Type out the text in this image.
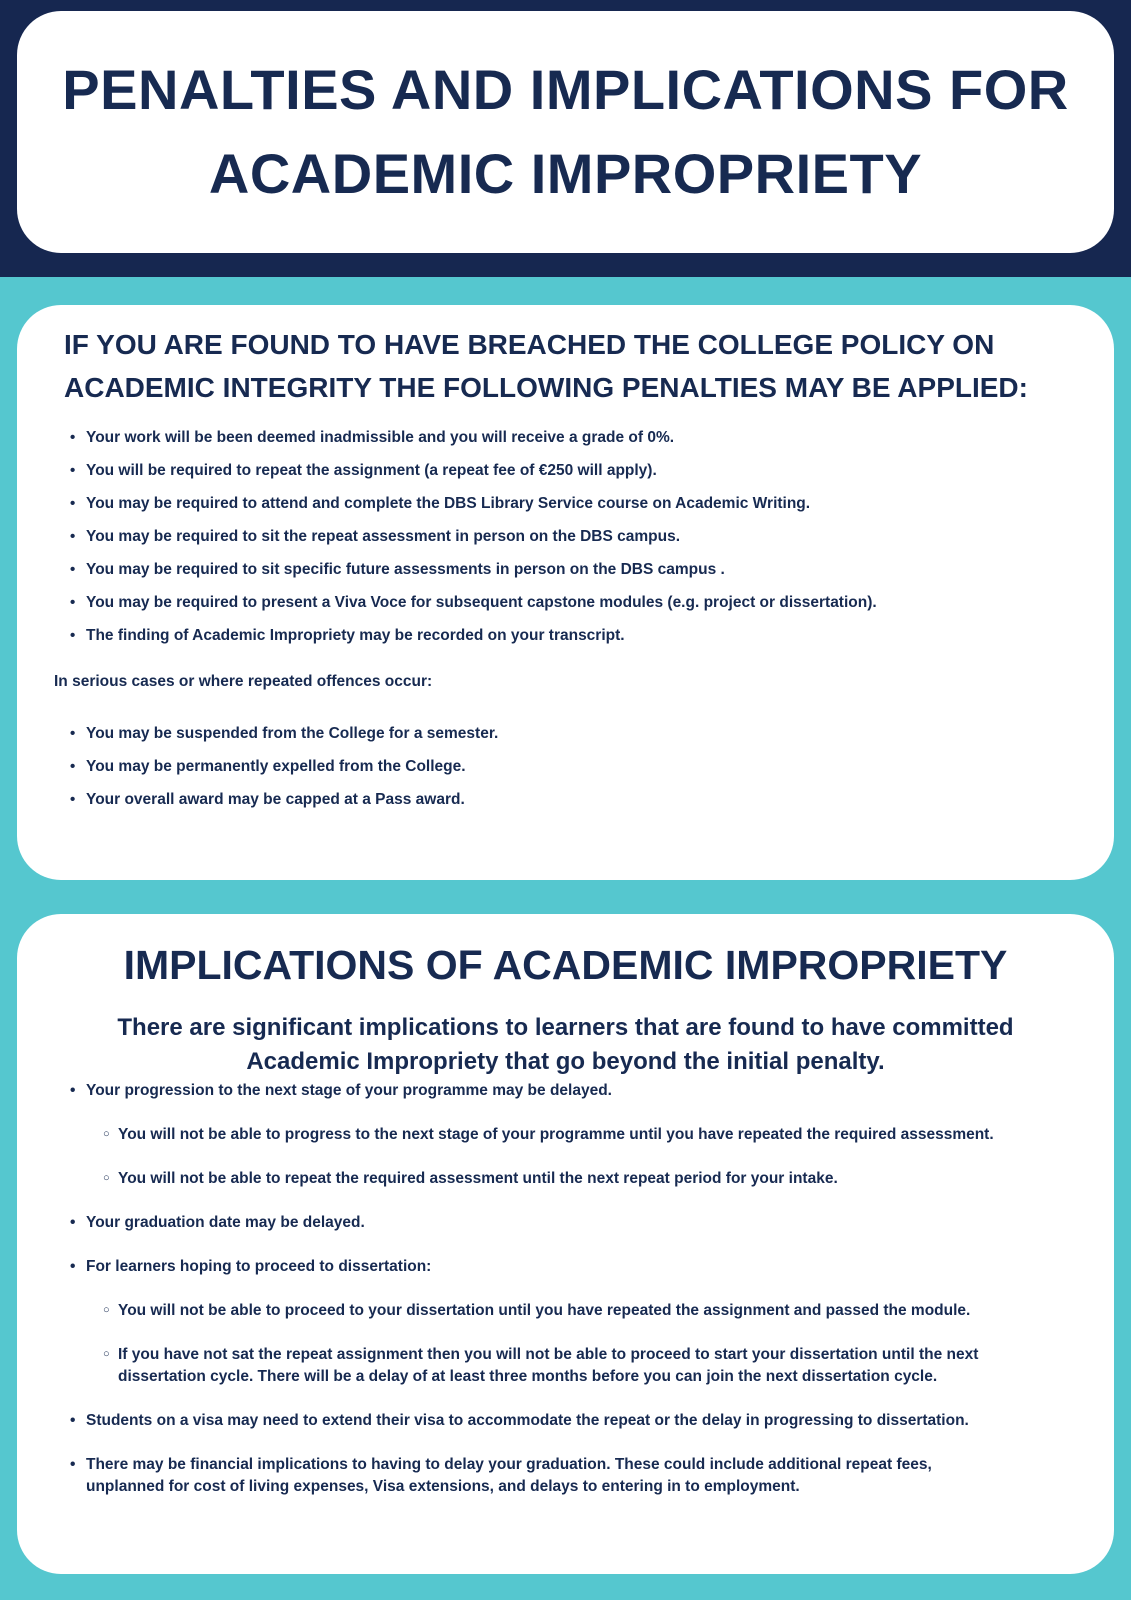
PENALTIES AND IMPLICATIONS FOR
ACADEMIC IMPROPRIETY
IF YOU ARE FOUND TO HAVE BREACHED THE COLLEGE POLICY ON
ACADEMIC INTEGRITY THE FOLLOWING PENALTIES MAY BE APPLIED:
• Your work will be been deemed inadmissible and you will receive a grade of 0%.
• You will be required to repeat the assignment (a repeat fee of €250 will apply).
• You may be required to attend and complete the DBS Library Service course on Academic Writing.
• You may be required to sit the repeat assessment in person on the DBS campus.
• You may be required to sit specific future assessments in person on the DBS campus .
• You may be required to present a Viva Voce for subsequent capstone modules (e.g. project or dissertation).
• The finding of Academic Impropriety may be recorded on your transcript.
In serious cases or where repeated offences occur:
• You may be suspended from the College for a semester.
• You may be permanently expelled from the College.
• Your overall award may be capped at a Pass award.
IMPLICATIONS OF ACADEMIC IMPROPRIETY
There are significant implications to learners that are found to have committed
Academic Impropriety that go beyond the initial penalty.
• Your progression to the next stage of your programme may be delayed.
○ You will not be able to progress to the next stage of your programme until you have repeated the required assessment.
○ You will not be able to repeat the required assessment until the next repeat period for your intake.
• Your graduation date may be delayed.
• For learners hoping to proceed to dissertation:
○ You will not be able to proceed to your dissertation until you have repeated the assignment and passed the module.
○ If you have not sat the repeat assignment then you will not be able to proceed to start your dissertation until the next
dissertation cycle. There will be a delay of at least three months before you can join the next dissertation cycle.
• Students on a visa may need to extend their visa to accommodate the repeat or the delay in progressing to dissertation.
• There may be financial implications to having to delay your graduation. These could include additional repeat fees,
unplanned for cost of living expenses, Visa extensions, and delays to entering in to employment.
